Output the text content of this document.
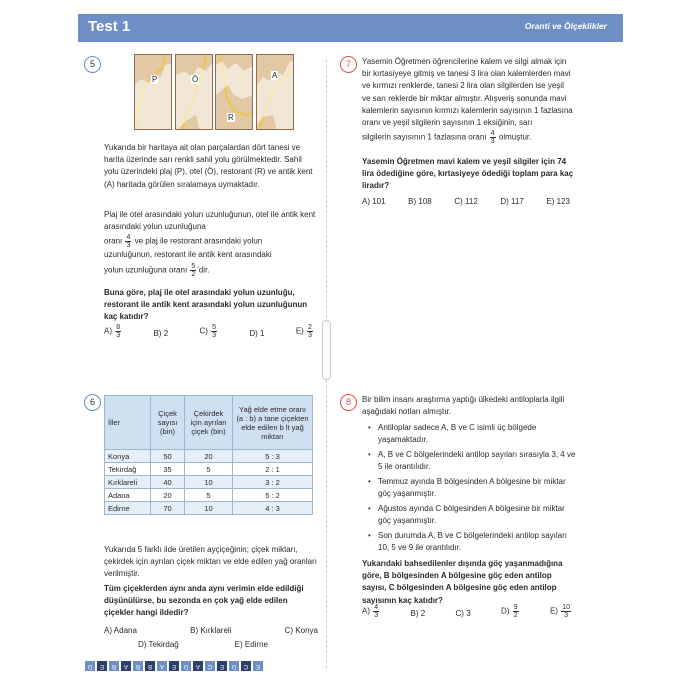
Test 1	Oranti ve Ölçeklikler
5
P	Ö
R
A
Yukarıda bir haritaya ait olan parçalardan dört tanesi ve harita üzerinde sarı renkli sahil yolu görülmektedir. Sahil yolu üzerindeki plaj (P), otel (Ö), restorant (R) ve antik kent (A) haritada görülen sıralamaya uymaktadır.
Plaj ile otel arasındaki yolun uzunluğunun, otel ile antik kent arasındaki yolun uzunluğuna
oranı $\frac{4}{3}$ ve plaj ile restorant arasındaki yolun
uzunluğunun, restorant ile antik kent arasındaki
yolun uzunluğuna oranı $\frac{5}{2}$ 'dir.
Buna göre, plaj ile otel arasındaki yolun uzunluğu, restorant ile antik kent arasındaki yolun uzunluğunun kaç katıdır?
$A) \frac{8}{3}$	B) 2	$C) \frac{5}{3}$	D) 1	$E) \frac{2}{3}$
6
İller	Çiçek sayısı (bin)	Çekirdek için ayrılan çiçek (bin)	Yağ elde etme oranı (a : b) a tane çiçekten elde edilen b lt yağ miktarı
Konya	50	20	5 : 3
Tekirdağ	35	5	2 : 1
Kırklareli	40	10	3 : 2
Adana	20	5	5 : 2
Edirne	70	10	4 : 3
Yukarıda 5 farklı ilde üretilen ayçiçeğinin; çiçek miktarı, çekirdek için ayrılan çiçek miktarı ve elde edilen yağ oranları verilmiştir.
Tüm çiçeklerden aynı anda aynı verimin elde edildiği düşünülürse, bu sezonda en çok yağ elde edilen çiçekler hangi ildedir?
A) Adana	B) Kırklareli	C) Konya
D) Tekirdağ	E) Edirne
7	Yasemin Öğretmen öğrencilerine kalem ve silgi almak için bir kırtasiyeye gitmiş ve tanesi 3 lira olan kalemlerden mavi ve kırmızı renklerde, tanesi 2 lira olan silgilerden ise yeşil ve sarı reklerde bir miktar almıştır. Alışveriş sonunda mavi kalemlerin sayısının kırmızı kalemlerin sayısının 1 fazlasına oranı ve yeşil silgilerin sayısının 1 eksiğinin, sarı
silgilerin sayısının 1 fazlasına oranı $\frac{4}{3}$ olmuştur.
Yasemin Öğretmen mavi kalem ve yeşil silgiler için 74 lira ödediğine göre, kırtasiyeye ödediği toplam para kaç liradır?
A) 101	B) 108	C) 112	D) 117	E) 123
8	Bir bilim insanı araştırma yaptığı ülkedeki antiloplarla ilgili aşağıdaki notları almıştır.
• Antiloplar sadece A, B ve C isimli üç bölgede yaşamaktadır.
• A, B ve C bölgelerindeki antilop sayıları sırasıyla 3, 4 ve 5 ile orantılıdır.
• Temmuz ayında B bölgesinden A bölgesine bir miktar göç yaşanmıştır.
• Ağustos ayında C bölgesinden A bölgesine bir miktar göç yaşanmıştır.
• Son durumda A, B ve C bölgelerindeki antilop sayıları 10, 5 ve 9 ile orantılıdır.
Yukarıdaki bahsedilenler dışında göç yaşanmadığına göre, B bölgesinden A bölgesine göç eden antilop sayısı, C bölgesinden A bölgesine göç eden antilop sayısının kaç katıdır?
$A) \frac{4}{3}$	B) 2	C) 3	$D) \frac{9}{2}$	$E) \frac{10}{3}$
D	E	B	A	B	B	A	E	D	A	C	E	D	C	E
